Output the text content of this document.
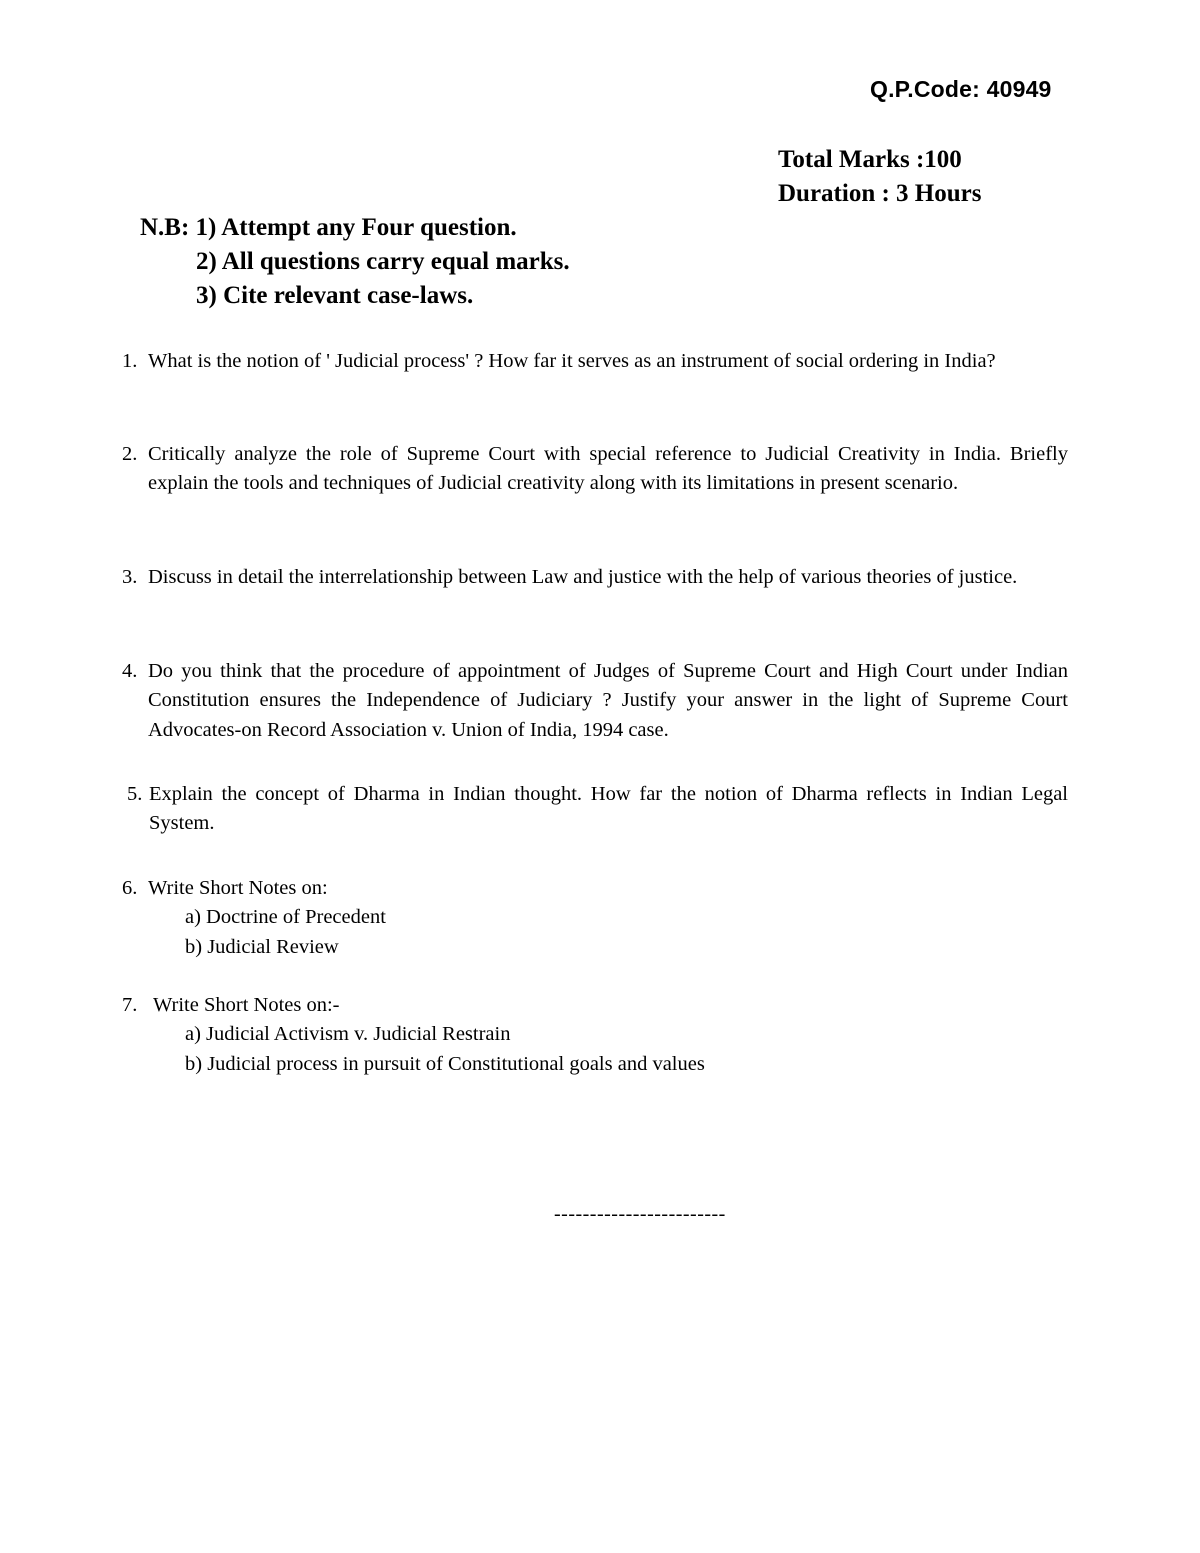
Q.P.Code: 40949
Total Marks :100
Duration : 3 Hours
N.B: 1) Attempt any Four question.
2) All questions carry equal marks.
3) Cite relevant case-laws.
1. What is the notion of ' Judicial process' ? How far it serves as an instrument of social ordering in India?
2. Critically analyze the role of Supreme Court with special reference to Judicial Creativity in India. Briefly explain the tools and techniques of Judicial creativity along with its limitations in present scenario.
3. Discuss in detail the interrelationship between Law and justice with the help of various theories of justice.
4. Do you think that the procedure of appointment of Judges of Supreme Court and High Court under Indian Constitution ensures the Independence of Judiciary ? Justify your answer in the light of Supreme Court Advocates-on Record Association v. Union of India, 1994 case.
5. Explain the concept of Dharma in Indian thought. How far the notion of Dharma reflects in Indian Legal System.
6. Write Short Notes on:
a) Doctrine of Precedent
b) Judicial Review
7. Write Short Notes on:-
a) Judicial Activism v. Judicial Restrain
b) Judicial process in pursuit of Constitutional goals and values
------------------------
